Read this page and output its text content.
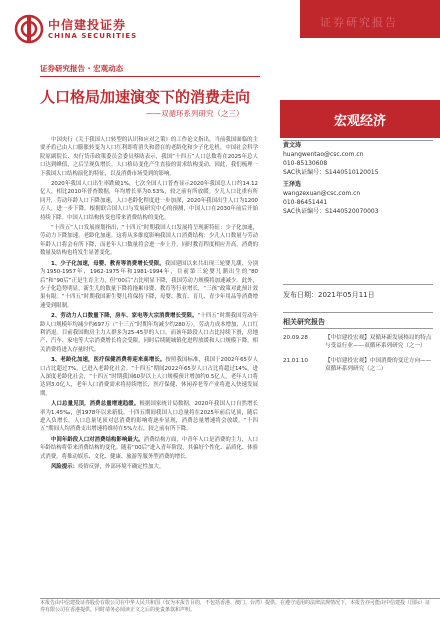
证券研究报告
中信建投证券
CHINA SECURITIES
证券研究报告 · 宏观动态
人口格局加速演变下的消费走向
——双循环系列研究（之三）
宏观经济

中国央行《关于我国人口转型的认识和应对之策》的工作论文指出，当前我国面临的主要矛盾已由人口膨胀转变为人口红利即将消失和潜在的老龄化和少子化危机。中国社会科学院原副院长、央行货币政策委员会委员蔡昉表示，我国“十四五”人口总数将在2025年总人口达到峰值，之后呈现负增长。人口格局变化产生直接的需求结构变动，因此，我们梳理一下我国人口结构演化的特征，以及消费市场受到的影响。

2020年我国人口出生率跌破1%，七次全国人口普查显示2020年我国总人口约14.12亿人，相比2010年普查数据，年均增长率为0.53%，较之前有所放缓。少儿人口比重有所回升，劳动年龄人口下降加速，人口老龄化程度进一步加深，2020年我国出生人口为1200万人，进一步下降。根据联合国人口与发展研究中心的预测，中国人口在2030年前后开始持续下降。中国人口结构转变也带来消费结构的变化。

“十四五”人口发展规划指出，“十四五”时期我国人口发展将呈现新特征：少子化加速，劳动力下降加速，老龄化加速。这将从多维度影响我国人口消费结构：少儿人口数量与劳动年龄人口将会有所下降，而老年人口数量将会进一步上升，同时教育程度相应升高，消费的数量及结构也将发生显著变化。

1、少子化加速，母婴、教育等消费增长受限。我国建国以来共出现三轮婴儿潮，分别为1950-1957年、1962-1975年和1981-1994年，目前第三轮婴儿潮出生的“80后”和“90后”正是生育主力，但“00后”占比明显下降，我国劳动力规模将加速减少。此外，少子化趋势明显，新生儿的数量下降将拖累母婴、教育等行业增长，“三孩”政策对此预计效果有限。“十四五”时期我国新生婴儿将保持下降，母婴、教育、育儿、青少年用品等消费增速受到限制。

2、劳动力人口数量下降，房车、家电等大宗消费增长受限。“十四五”时期我国劳动年龄人口规模年均减少约697万（“十三五”时期年均减少约280万），劳动力成本增加、人口红利消退。目前我国购房主力人群多为25-45岁的人口，而该年龄段人口占比持续下滑，房地产、汽车、家电等大宗消费增长将会受限，同时后续随城镇化进程放缓和人口规模下降，相关消费将进入存量时代。

3、老龄化加速，医疗保健消费将迎来高增长。按照我国标准，我国于2002年65岁人口占比超过7%，已进入老龄化社会。“十四五”期间2022年65岁人口占比将超过14%，进入深度老龄化社会，“十四五”时期我国60岁以上人口规模预计增加约0.5亿人，老年人口将达到3.0亿人，老年人口消费需求将持续增长，医疗保健、休闲养老等产业将进入快速发展期。

人口总量见顶，消费总量增速趋缓。根据国家统计局数据，2020年我国人口自然增长率为1.45‰，创1978年以来新低。十四五期间我国人口总量将在2025年前后见顶，随后进入负增长。人口总量见顶对总消费的影响将逐步显现，消费总量增速将会放缓。“十四五”期间人均消费支出增速将维持在5%左右，较之前有所下降。

中间年龄段人口对消费结构影响最大。消费结构方面，中青年人口是消费的主力，人口年龄结构将带来消费结构的变化。随着“00后”进入青年阶段，其偏好个性化、品质化、体验式消费，将推动娱乐、文化、健康、旅游等服务型消费的增长。

风险提示：疫情反弹，外部环境不确定性加大。

黄文涛
huangwentao@csc.com.cn
010-85130608
SAC执证编号：S1440510120015
王泽选
wangzexuan@csc.com.cn
010-86451441
SAC执证编号：S1440520070003
发布日期：2021年05月11日
相关研究报告
20.09.28	【中信建投宏观】双循环新发展格局的特点与受益行业——双循环系列研究（之一）
21.01.10	【中信建投宏观】中国消费的变迁方向——双循环系列研究（之二）
本报告由中信建投证券股份有限公司在中华人民共和国（仅为本报告目的，不包括香港、澳门、台湾）提供。在遵守适用的法律法规情况下，本报告亦可能由中信建投（国际）证券有限公司在香港提供。同时请务必阅读正文之后的免责条款和声明。
